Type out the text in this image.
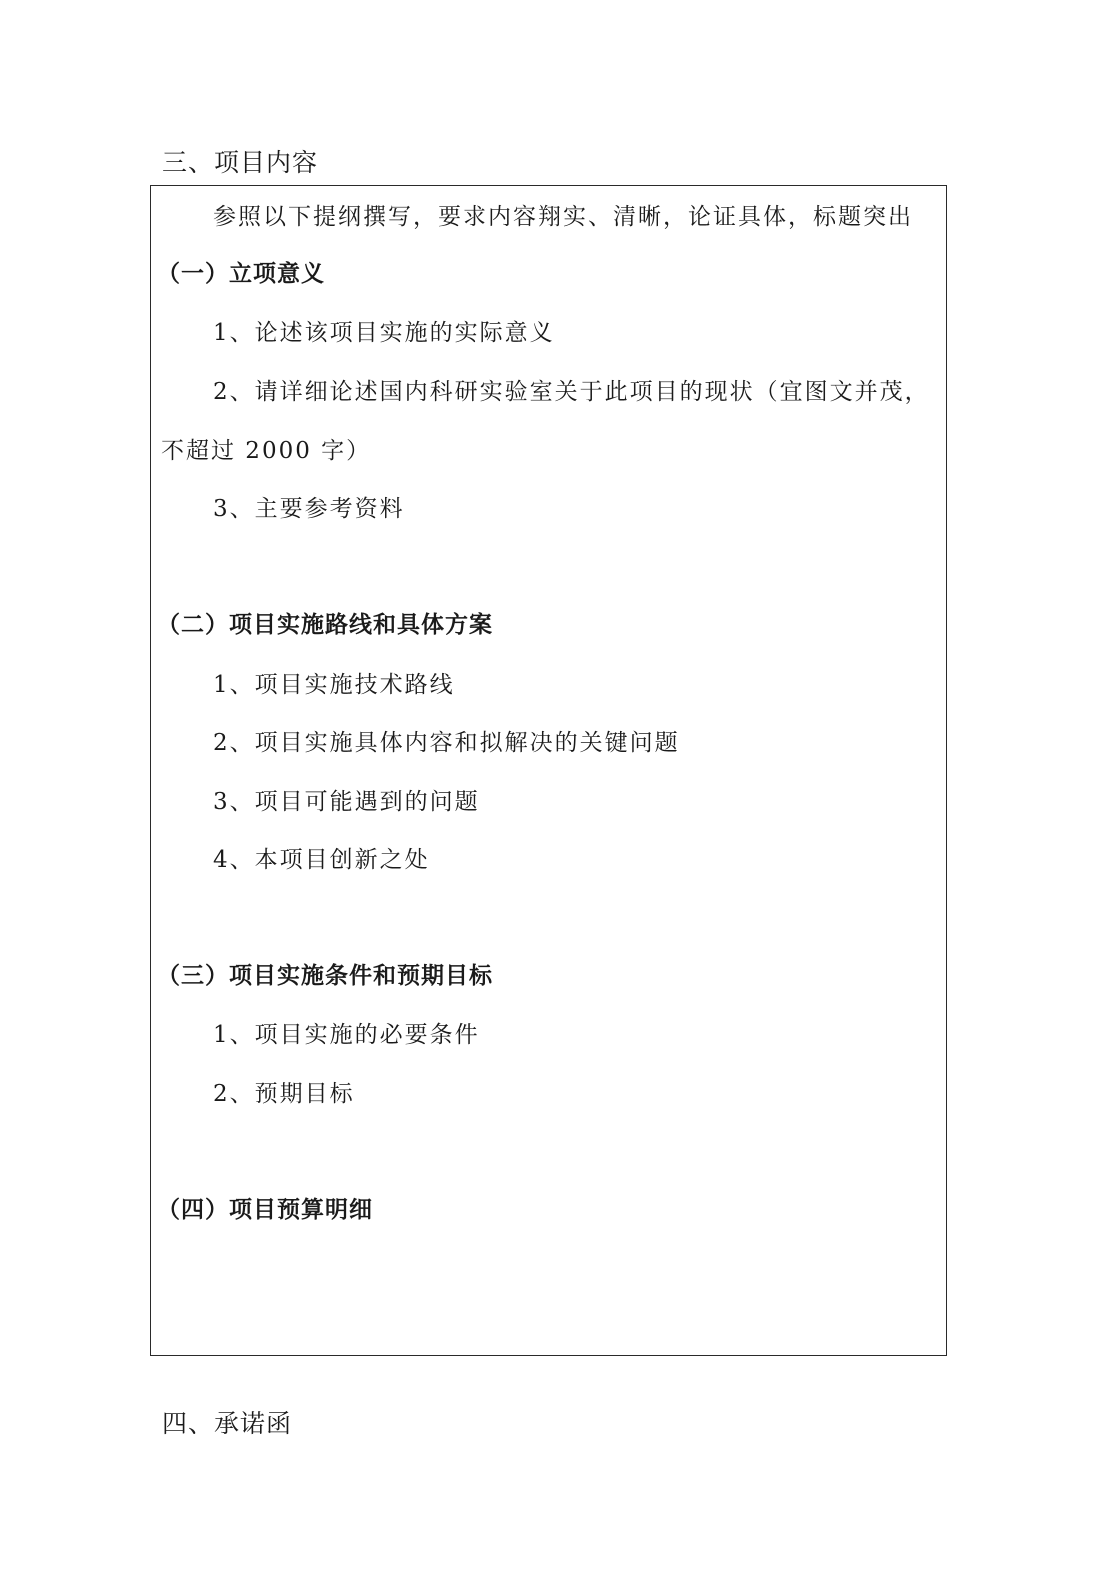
三、项目内容
参照以下提纲撰写，要求内容翔实、清晰，论证具体，标题突出
（一）立项意义
1、论述该项目实施的实际意义
2、请详细论述国内科研实验室关于此项目的现状（宜图文并茂，
不超过 2000 字）
3、主要参考资料
（二）项目实施路线和具体方案
1、项目实施技术路线
2、项目实施具体内容和拟解决的关键问题
3、项目可能遇到的问题
4、本项目创新之处
（三）项目实施条件和预期目标
1、项目实施的必要条件
2、预期目标
（四）项目预算明细
四、承诺函
